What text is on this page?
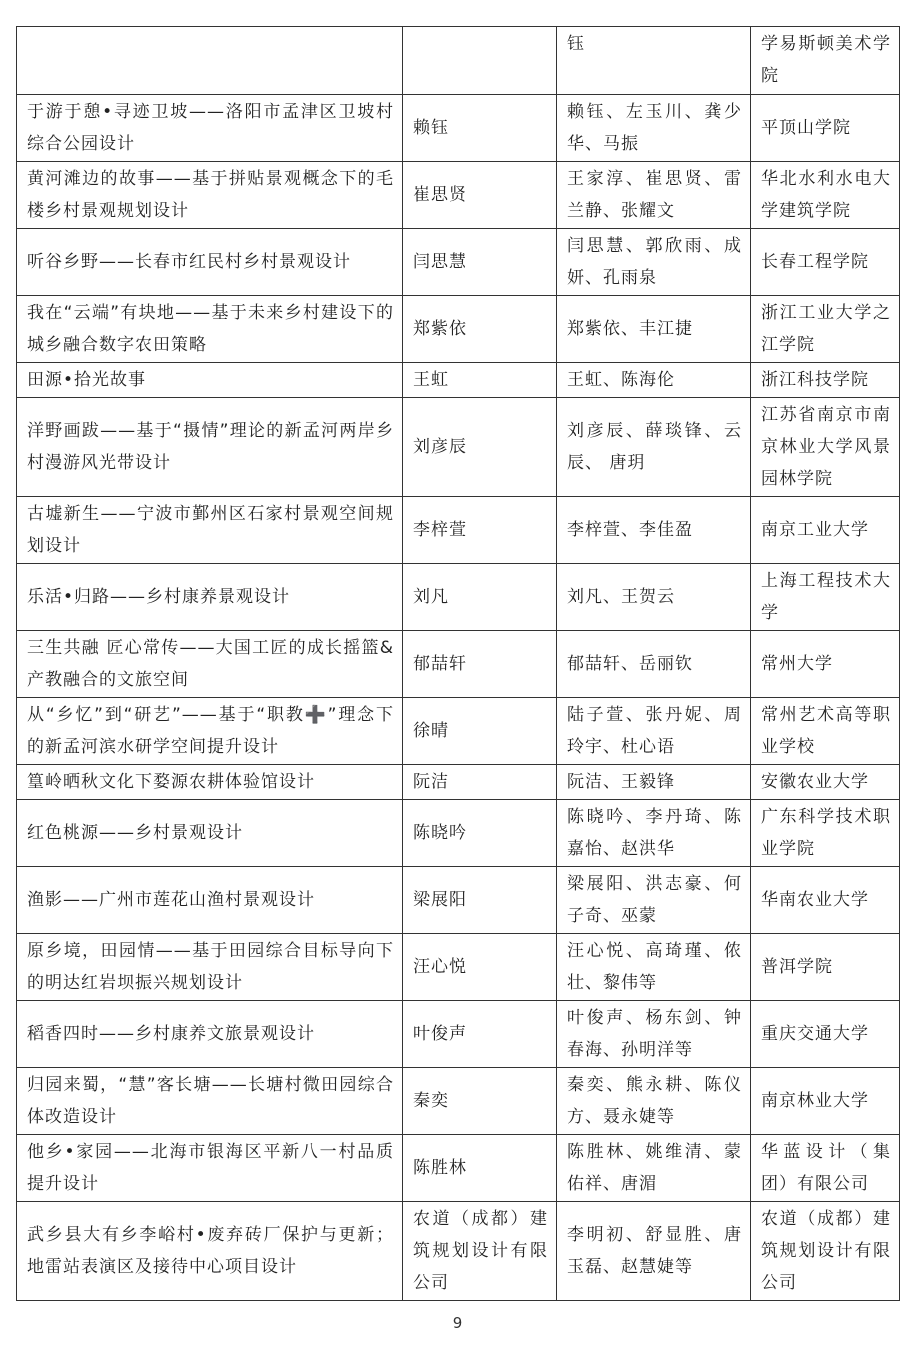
		钰	学易斯顿美术学院
于游于憩•寻迹卫坡——洛阳市孟津区卫坡村综合公园设计	赖钰	赖钰、左玉川、龚少华、马振	平顶山学院
黄河滩边的故事——基于拼贴景观概念下的毛楼乡村景观规划设计	崔思贤	王家淳、崔思贤、雷兰静、张耀文	华北水利水电大学建筑学院
听谷乡野——长春市红民村乡村景观设计	闫思慧	闫思慧、郭欣雨、成妍、孔雨泉	长春工程学院
我在“云端”有块地——基于未来乡村建设下的城乡融合数字农田策略	郑紫依	郑紫依、丰江捷	浙江工业大学之江学院
田源•拾光故事	王虹	王虹、陈海伦	浙江科技学院
洋野画跋——基于“摄情”理论的新孟河两岸乡村漫游风光带设计	刘彦辰	刘彦辰、薛琰锋、云辰、 唐玥	江苏省南京市南京林业大学风景园林学院
古墟新生——宁波市鄞州区石家村景观空间规划设计	李梓萱	李梓萱、李佳盈	南京工业大学
乐活•归路——乡村康养景观设计	刘凡	刘凡、王贺云	上海工程技术大学
三生共融 匠心常传——大国工匠的成长摇篮&产教融合的文旅空间	郁喆轩	郁喆轩、岳丽钦	常州大学
从“乡忆”到“研艺”——基于“职教➕”理念下的新孟河滨水研学空间提升设计	徐晴	陆子萱、张丹妮、周玲宇、杜心语	常州艺术高等职业学校
篁岭晒秋文化下婺源农耕体验馆设计	阮洁	阮洁、王毅锋	安徽农业大学
红色桃源——乡村景观设计	陈晓吟	陈晓吟、李丹琦、陈嘉怡、赵洪华	广东科学技术职业学院
渔影——广州市莲花山渔村景观设计	梁展阳	梁展阳、洪志豪、何子奇、巫蒙	华南农业大学
原乡境，田园情——基于田园综合目标导向下的明达红岩坝振兴规划设计	汪心悦	汪心悦、高琦瑾、侬壮、黎伟等	普洱学院
稻香四时——乡村康养文旅景观设计	叶俊声	叶俊声、杨东剑、钟春海、孙明洋等	重庆交通大学
归园来蜀，“慧”客长塘——长塘村微田园综合体改造设计	秦奕	秦奕、熊永耕、陈仪方、聂永婕等	南京林业大学
他乡•家园——北海市银海区平新八一村品质提升设计	陈胜林	陈胜林、姚维清、蒙佑祥、唐湄	华蓝设计（集团）有限公司
武乡县大有乡李峪村•废弃砖厂保护与更新；地雷站表演区及接待中心项目设计	农道（成都）建筑规划设计有限公司	李明初、舒显胜、唐玉磊、赵慧婕等	农道（成都）建筑规划设计有限公司
9
